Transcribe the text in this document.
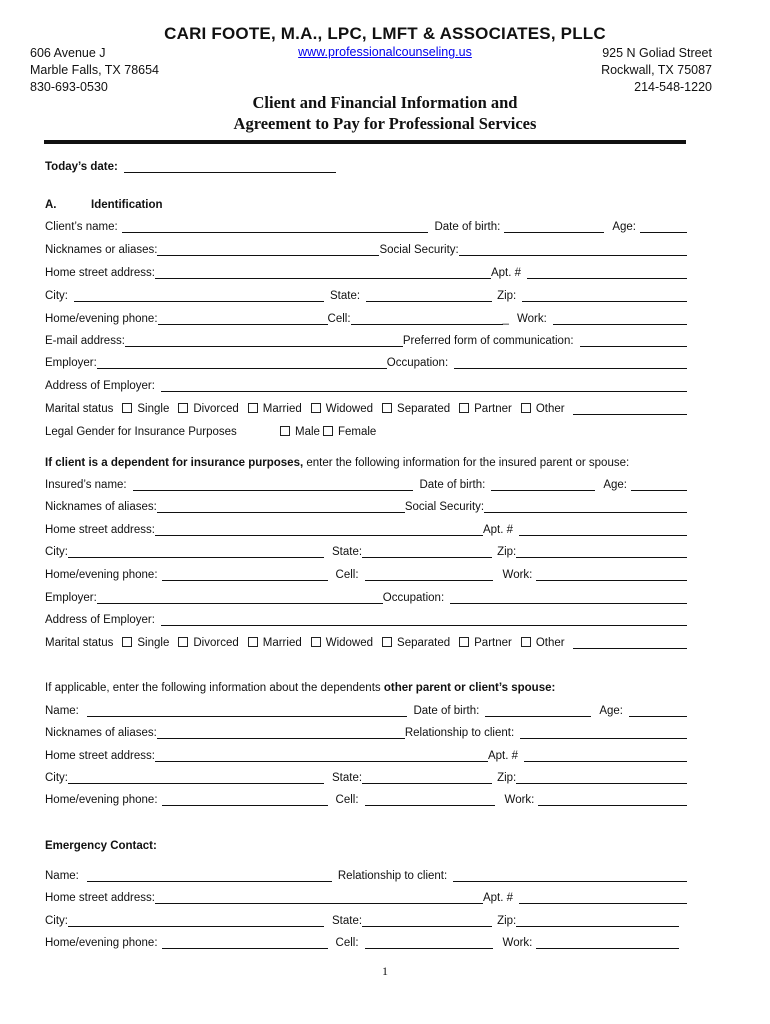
CARI FOOTE, M.A., LPC, LMFT & ASSOCIATES, PLLC
606 Avenue J
Marble Falls, TX 78654
830-693-0530
www.professionalcounseling.us	925 N Goliad Street
Rockwall, TX 75087
214-548-1220
Client and Financial Information and
Agreement to Pay for Professional Services
Today’s date:
A.	Identification
Client’s name:	Date of birth:	Age:
Nicknames or aliases:	Social Security:
Home street address:	Apt. #
City:	State:	Zip:
Home/evening phone:	Cell:	_ Work:
E-mail address:	Preferred form of communication:
Employer:	Occupation:
Address of Employer:
Marital status Single Divorced Married Widowed Separated Partner Other
Legal Gender for Insurance Purposes	Male Female
If client is a dependent for insurance purposes, enter the following information for the insured parent or spouse:
Insured’s name:	Date of birth:	Age:
Nicknames of aliases:	Social Security:
Home street address:	Apt. #
City:	State:	Zip:
Home/evening phone:	Cell:	Work:
Employer:	Occupation:
Address of Employer:
Marital status Single Divorced Married Widowed Separated Partner Other
If applicable, enter the following information about the dependents other parent or client’s spouse:
Name:	Date of birth:	Age:
Nicknames of aliases:	Relationship to client:
Home street address:	Apt. #
City:	State:	Zip:
Home/evening phone:	Cell:	Work:
Emergency Contact:
Name:	Relationship to client:
Home street address:	Apt. #
City:	State:	Zip:
Home/evening phone:	Cell:	Work:
1
